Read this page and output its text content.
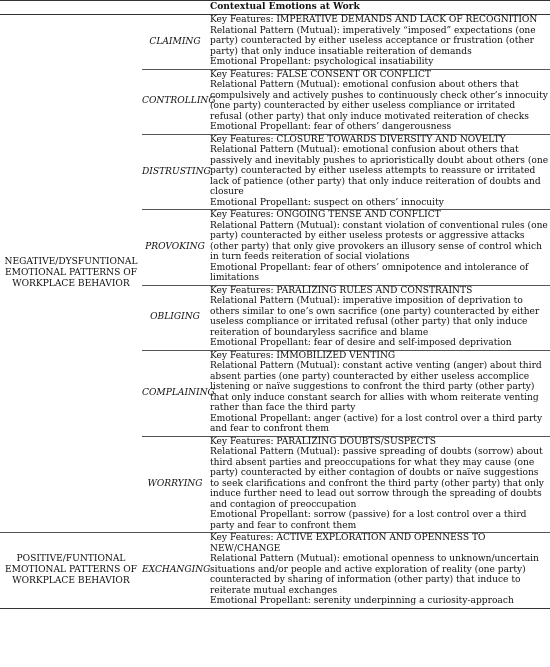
		Contextual Emotions at Work
NEGATIVE/DYSFUNTIONAL EMOTIONAL PATTERNS OF WORKPLACE BEHAVIOR	CLAIMING	Key Features: IMPERATIVE DEMANDS AND LACK OF RECOGNITION
Relational Pattern (Mutual): imperatively “imposed” expectations (one party) counteracted by either useless acceptance or frustration (other party) that only induce insatiable reiteration of demands
Emotional Propellant: psychological insatiability

	CONTROLLING	Key Features: FALSE CONSENT OR CONFLICT
Relational Pattern (Mutual): emotional confusion about others that compulsively and actively pushes to continuously check other’s innocuity (one party) counteracted by either useless compliance or irritated refusal (other party) that only induce motivated reiteration of checks
Emotional Propellant: fear of others’ dangerousness

	DISTRUSTING	Key Features: CLOSURE TOWARDS DIVERSITY AND NOVELTY
Relational Pattern (Mutual): emotional confusion about others that passively and inevitably pushes to aprioristically doubt about others (one party) counteracted by either useless attempts to reassure or irritated lack of patience (other party) that only induce reiteration of doubts and closure
Emotional Propellant: suspect on others’ innocuity

	PROVOKING	Key Features: ONGOING TENSE AND CONFLICT
Relational Pattern (Mutual): constant violation of conventional rules (one party) counteracted by either useless protests or aggressive attacks (other party) that only give provokers an illusory sense of control which in turn feeds reiteration of social violations
Emotional Propellant: fear of others’ omnipotence and intolerance of limitations

	OBLIGING	Key Features: PARALIZING RULES AND CONSTRAINTS
Relational Pattern (Mutual): imperative imposition of deprivation to others similar to one’s own sacrifice (one party) counteracted by either useless compliance or irritated refusal (other party) that only induce reiteration of boundaryless sacrifice and blame
Emotional Propellant: fear of desire and self-imposed deprivation

	COMPLAINING	Key Features: IMMOBILIZED VENTING
Relational Pattern (Mutual): constant active venting (anger) about third absent parties (one party) counteracted by either useless accomplice listening or naïve suggestions to confront the third party (other party) that only induce constant search for allies with whom reiterate venting rather than face the third party
Emotional Propellant: anger (active) for a lost control over a third party and fear to confront them

	WORRYING	Key Features: PARALIZING DOUBTS/SUSPECTS
Relational Pattern (Mutual): passive spreading of doubts (sorrow) about third absent parties and preoccupations for what they may cause (one party) counteracted by either contagion of doubts or naïve suggestions to seek clarifications and confront the third party (other party) that only induce further need to lead out sorrow through the spreading of doubts and contagion of preoccupation
Emotional Propellant: sorrow (passive) for a lost control over a third party and fear to confront them

POSITIVE/FUNTIONAL EMOTIONAL PATTERNS OF WORKPLACE BEHAVIOR	EXCHANGING	Key Features: ACTIVE EXPLORATION AND OPENNESS TO NEW/CHANGE
Relational Pattern (Mutual): emotional openness to unknown/uncertain situations and/or people and active exploration of reality (one party) counteracted by sharing of information (other party) that induce to reiterate mutual exchanges
Emotional Propellant: serenity underpinning a curiosity-approach
